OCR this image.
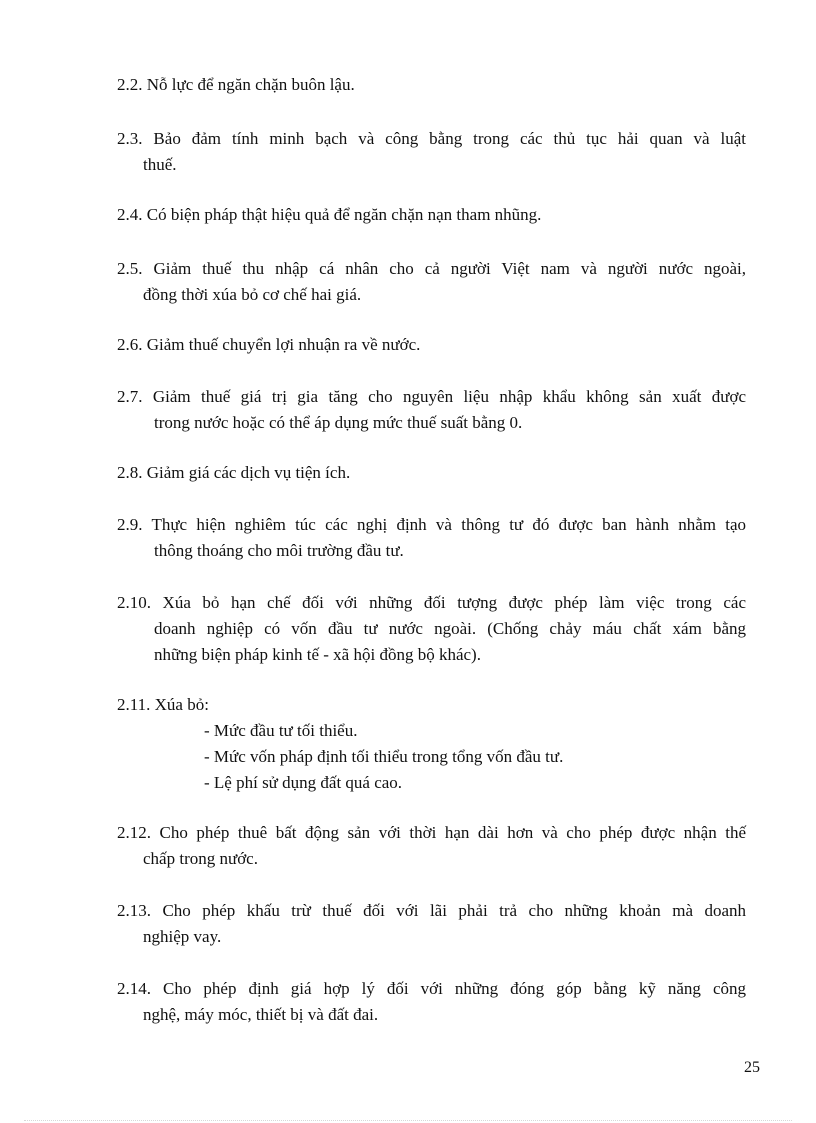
2.2. Nỗ lực để ngăn chặn buôn lậu.
2.3. Bảo đảm tính minh bạch và công bằng trong các thủ tục hải quan và luật
thuế.
2.4. Có biện pháp thật hiệu quả để ngăn chặn nạn tham nhũng.
2.5. Giảm thuế thu nhập cá nhân cho cả người Việt nam và người nước ngoài,
đồng thời xúa bỏ cơ chế hai giá.
2.6. Giảm thuế chuyển lợi nhuận ra về nước.
2.7. Giảm thuế giá trị gia tăng cho nguyên liệu nhập khẩu không sản xuất được
trong nước hoặc có thể áp dụng mức thuế suất bằng 0.
2.8. Giảm giá các dịch vụ tiện ích.
2.9. Thực hiện nghiêm túc các nghị định và thông tư đó được ban hành nhằm tạo
thông thoáng cho môi trường đầu tư.
2.10. Xúa bỏ hạn chế đối với những đối tượng được phép làm việc trong các
doanh nghiệp có vốn đầu tư nước ngoài. (Chống chảy máu chất xám bằng
những biện pháp kinh tế - xã hội đồng bộ khác).
2.11. Xúa bỏ:
- Mức đầu tư tối thiểu.
- Mức vốn pháp định tối thiểu trong tổng vốn đầu tư.
- Lệ phí sử dụng đất quá cao.
2.12. Cho phép thuê bất động sản với thời hạn dài hơn và cho phép được nhận thế
chấp trong nước.
2.13. Cho phép khấu trừ thuế đối với lãi phải trả cho những khoản mà doanh
nghiệp vay.
2.14. Cho phép định giá hợp lý đối với những đóng góp bằng kỹ năng công
nghệ, máy móc, thiết bị và đất đai.
25
